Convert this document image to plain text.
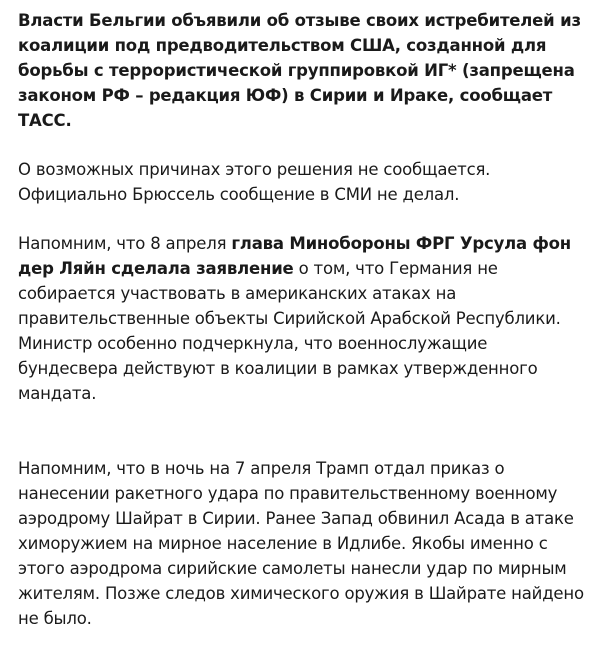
Власти Бельгии объявили об отзыве своих истребителей из коалиции под предводительством США, созданной для борьбы с террористической группировкой ИГ* (запрещена законом РФ – редакция ЮФ) в Сирии и Ираке, сообщает ТАСС.

О возможных причинах этого решения не сообщается. Официально Брюссель сообщение в СМИ не делал.

Напомним, что 8 апреля глава Минобороны ФРГ Урсула фон дер Ляйн сделала заявление о том, что Германия не собирается участвовать в американских атаках на правительственные объекты Сирийской Арабской Республики. Министр особенно подчеркнула, что военнослужащие бундесвера действуют в коалиции в рамках утвержденного мандата.

Напомним, что в ночь на 7 апреля Трамп отдал приказ о нанесении ракетного удара по правительственному военному аэродрому Шайрат в Сирии. Ранее Запад обвинил Асада в атаке химоружием на мирное население в Идлибе. Якобы именно с этого аэродрома сирийские самолеты нанесли удар по мирным жителям. Позже следов химического оружия в Шайрате найдено не было.
